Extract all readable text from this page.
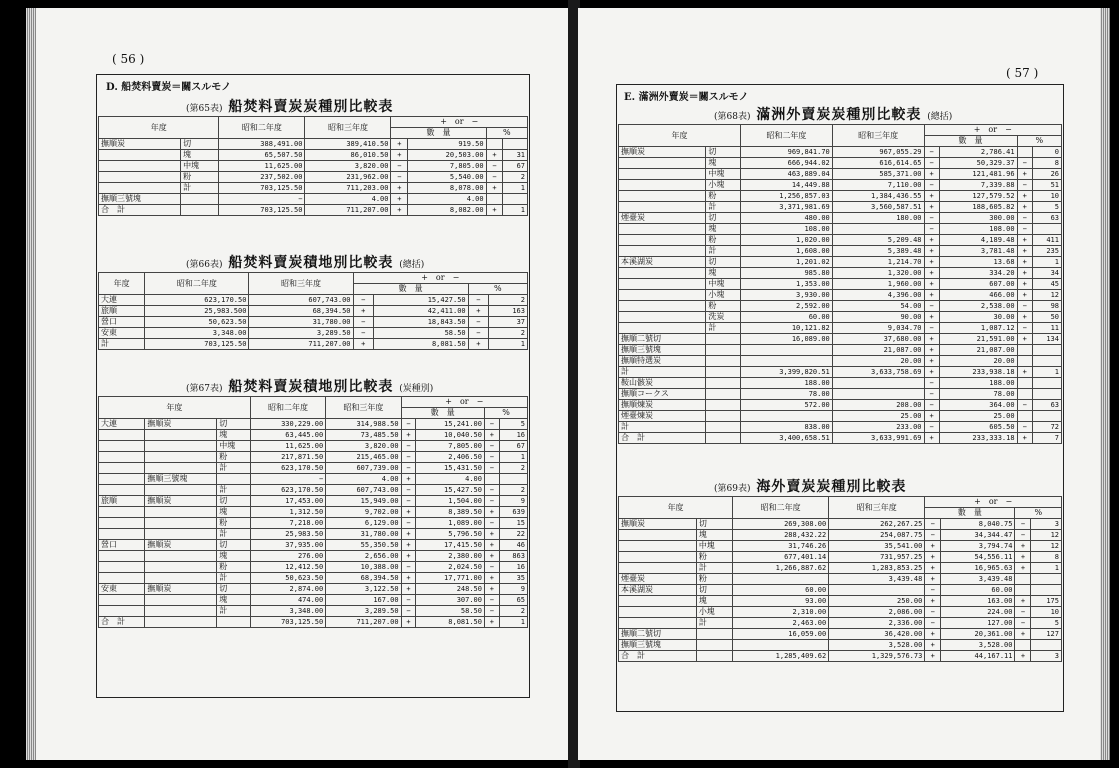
( 56 )
D. 船焚料賣炭＝關スルモノ
(第65表) 船焚料賣炭炭種別比較表
年度		昭和二年度	昭和三年度	+　or　−			
				數　量		%	
撫順炭	切	388,491.00	389,410.50	+	919.50		
	塊	65,507.50	86,010.50	+	20,503.00	+	31
	中塊	11,625.00	3,820.00	−	7,805.00	−	67
	粉	237,502.00	231,962.00	−	5,540.00	−	2
	計	703,125.50	711,203.00	+	8,078.00	+	1
撫順三號塊		−	4.00	+	4.00		
合　計		703,125.50	711,207.00	+	8,082.00	+	1
(第66表) 船焚料賣炭積地別比較表 (總括)
年度	昭和二年度	昭和三年度	+　or　−			
			數　量		%	
大連	623,170.50	607,743.00	−	15,427.50	−	2
旅順	25,983.500	68,394.50	+	42,411.00	+	163
營口	50,623.50	31,780.00	−	18,843.50	−	37
安東	3,348.00	3,289.50	−	58.50	−	2
計	703,125.50	711,207.00	+	8,081.50	+	1
(第67表) 船焚料賣炭積地別比較表 (炭種別)
年度			昭和二年度	昭和三年度	+　or　−			
					數　量		%	
大連	撫順炭	切	330,229.00	314,988.50	−	15,241.00	−	5
		塊	63,445.00	73,485.50	+	10,040.50	+	16
		中塊	11,625.00	3,820.00	−	7,805.00	−	67
		粉	217,871.50	215,465.00	−	2,406.50	−	1
		計	623,170.50	607,739.00	−	15,431.50	−	2
	撫順三號塊		−	4.00	+	4.00		
		計	623,170.50	607,743.00	−	15,427.50	−	2
旅順	撫順炭	切	17,453.00	15,949.00	−	1,504.00	−	9
		塊	1,312.50	9,702.00	+	8,389.50	+	639
		粉	7,218.00	6,129.00	−	1,089.00	−	15
		計	25,983.50	31,780.00	+	5,796.50	+	22
營口	撫順炭	切	37,935.00	55,350.50	+	17,415.50	+	46
		塊	276.00	2,656.00	+	2,380.00	+	863
		粉	12,412.50	10,388.00	−	2,024.50	−	16
		計	50,623.50	68,394.50	+	17,771.00	+	35
安東	撫順炭	切	2,874.00	3,122.50	+	248.50	+	9
		塊	474.00	167.00	−	307.00	−	65
		計	3,348.00	3,289.50	−	58.50	−	2
合　計			703,125.50	711,207.00	+	8,081.50	+	1
( 57 )
E. 滿洲外賣炭＝關スルモノ
(第68表) 滿洲外賣炭炭種別比較表 (總括)
年度		昭和二年度	昭和三年度	+　or　−			
				數　量		%	
撫順炭	切	969,841.70	967,055.29	−	2,786.41		0
	塊	666,944.02	616,614.65	−	50,329.37	−	8
	中塊	463,889.04	585,371.00	+	121,481.96	+	26
	小塊	14,449.88	7,110.00	−	7,339.88	−	51
	粉	1,256,857.03	1,384,436.55	+	127,579.52	+	10
	計	3,371,981.69	3,560,587.51	+	188,605.82	+	5
煙臺炭	切	480.00	180.00	−	300.00	−	63
	塊	108.00		−	108.00	−	
	粉	1,020.00	5,209.48	+	4,189.48	+	411
	計	1,608.00	5,389.48	+	3,781.48	+	235
本溪湖炭	切	1,201.02	1,214.70	+	13.68	+	1
	塊	985.80	1,320.00	+	334.20	+	34
	中塊	1,353.00	1,960.00	+	607.00	+	45
	小塊	3,930.00	4,396.00	+	466.00	+	12
	粉	2,592.00	54.00	−	2,538.00	−	98
	洗炭	60.00	90.00	+	30.00	+	50
	計	10,121.82	9,034.70	−	1,087.12	−	11
撫順二號切		16,089.00	37,680.00	+	21,591.00	+	134
撫順三號塊			21,087.00	+	21,087.00		
撫順特選炭			20.00	+	20.00		
計		3,399,820.51	3,633,758.69	+	233,938.18	+	1
鞍山骸炭		188.00		−	188.00		
撫順コークス		78.00		−	78.00		
撫順煉炭		572.00	208.00	−	364.00	−	63
煙臺煉炭			25.00	+	25.00		
計		838.00	233.00	−	605.50	−	72
合　計		3,400,658.51	3,633,991.69	+	233,333.18	+	7
(第69表) 海外賣炭炭種別比較表
年度		昭和二年度	昭和三年度	+　or　−			
				數　量		%	
撫順炭	切	269,308.00	262,267.25	−	8,040.75	−	3
	塊	288,432.22	254,087.75	−	34,344.47	−	12
	中塊	31,746.26	35,541.00	+	3,794.74	+	12
	粉	677,401.14	731,957.25	+	54,556.11	+	8
	計	1,266,887.62	1,283,853.25	+	16,965.63	+	1
煙臺炭	粉		3,439.48	+	3,439.48		
本溪湖炭	切	60.00		−	60.00		
	塊	93.00	250.00	+	163.00	+	175
	小塊	2,310.00	2,086.00	−	224.00	−	10
	計	2,463.00	2,336.00	−	127.00	−	5
撫順二號切		16,059.00	36,420.00	+	20,361.00	+	127
撫順三號塊			3,528.00	+	3,528.00		
合　計		1,285,409.62	1,329,576.73	+	44,167.11	+	3
